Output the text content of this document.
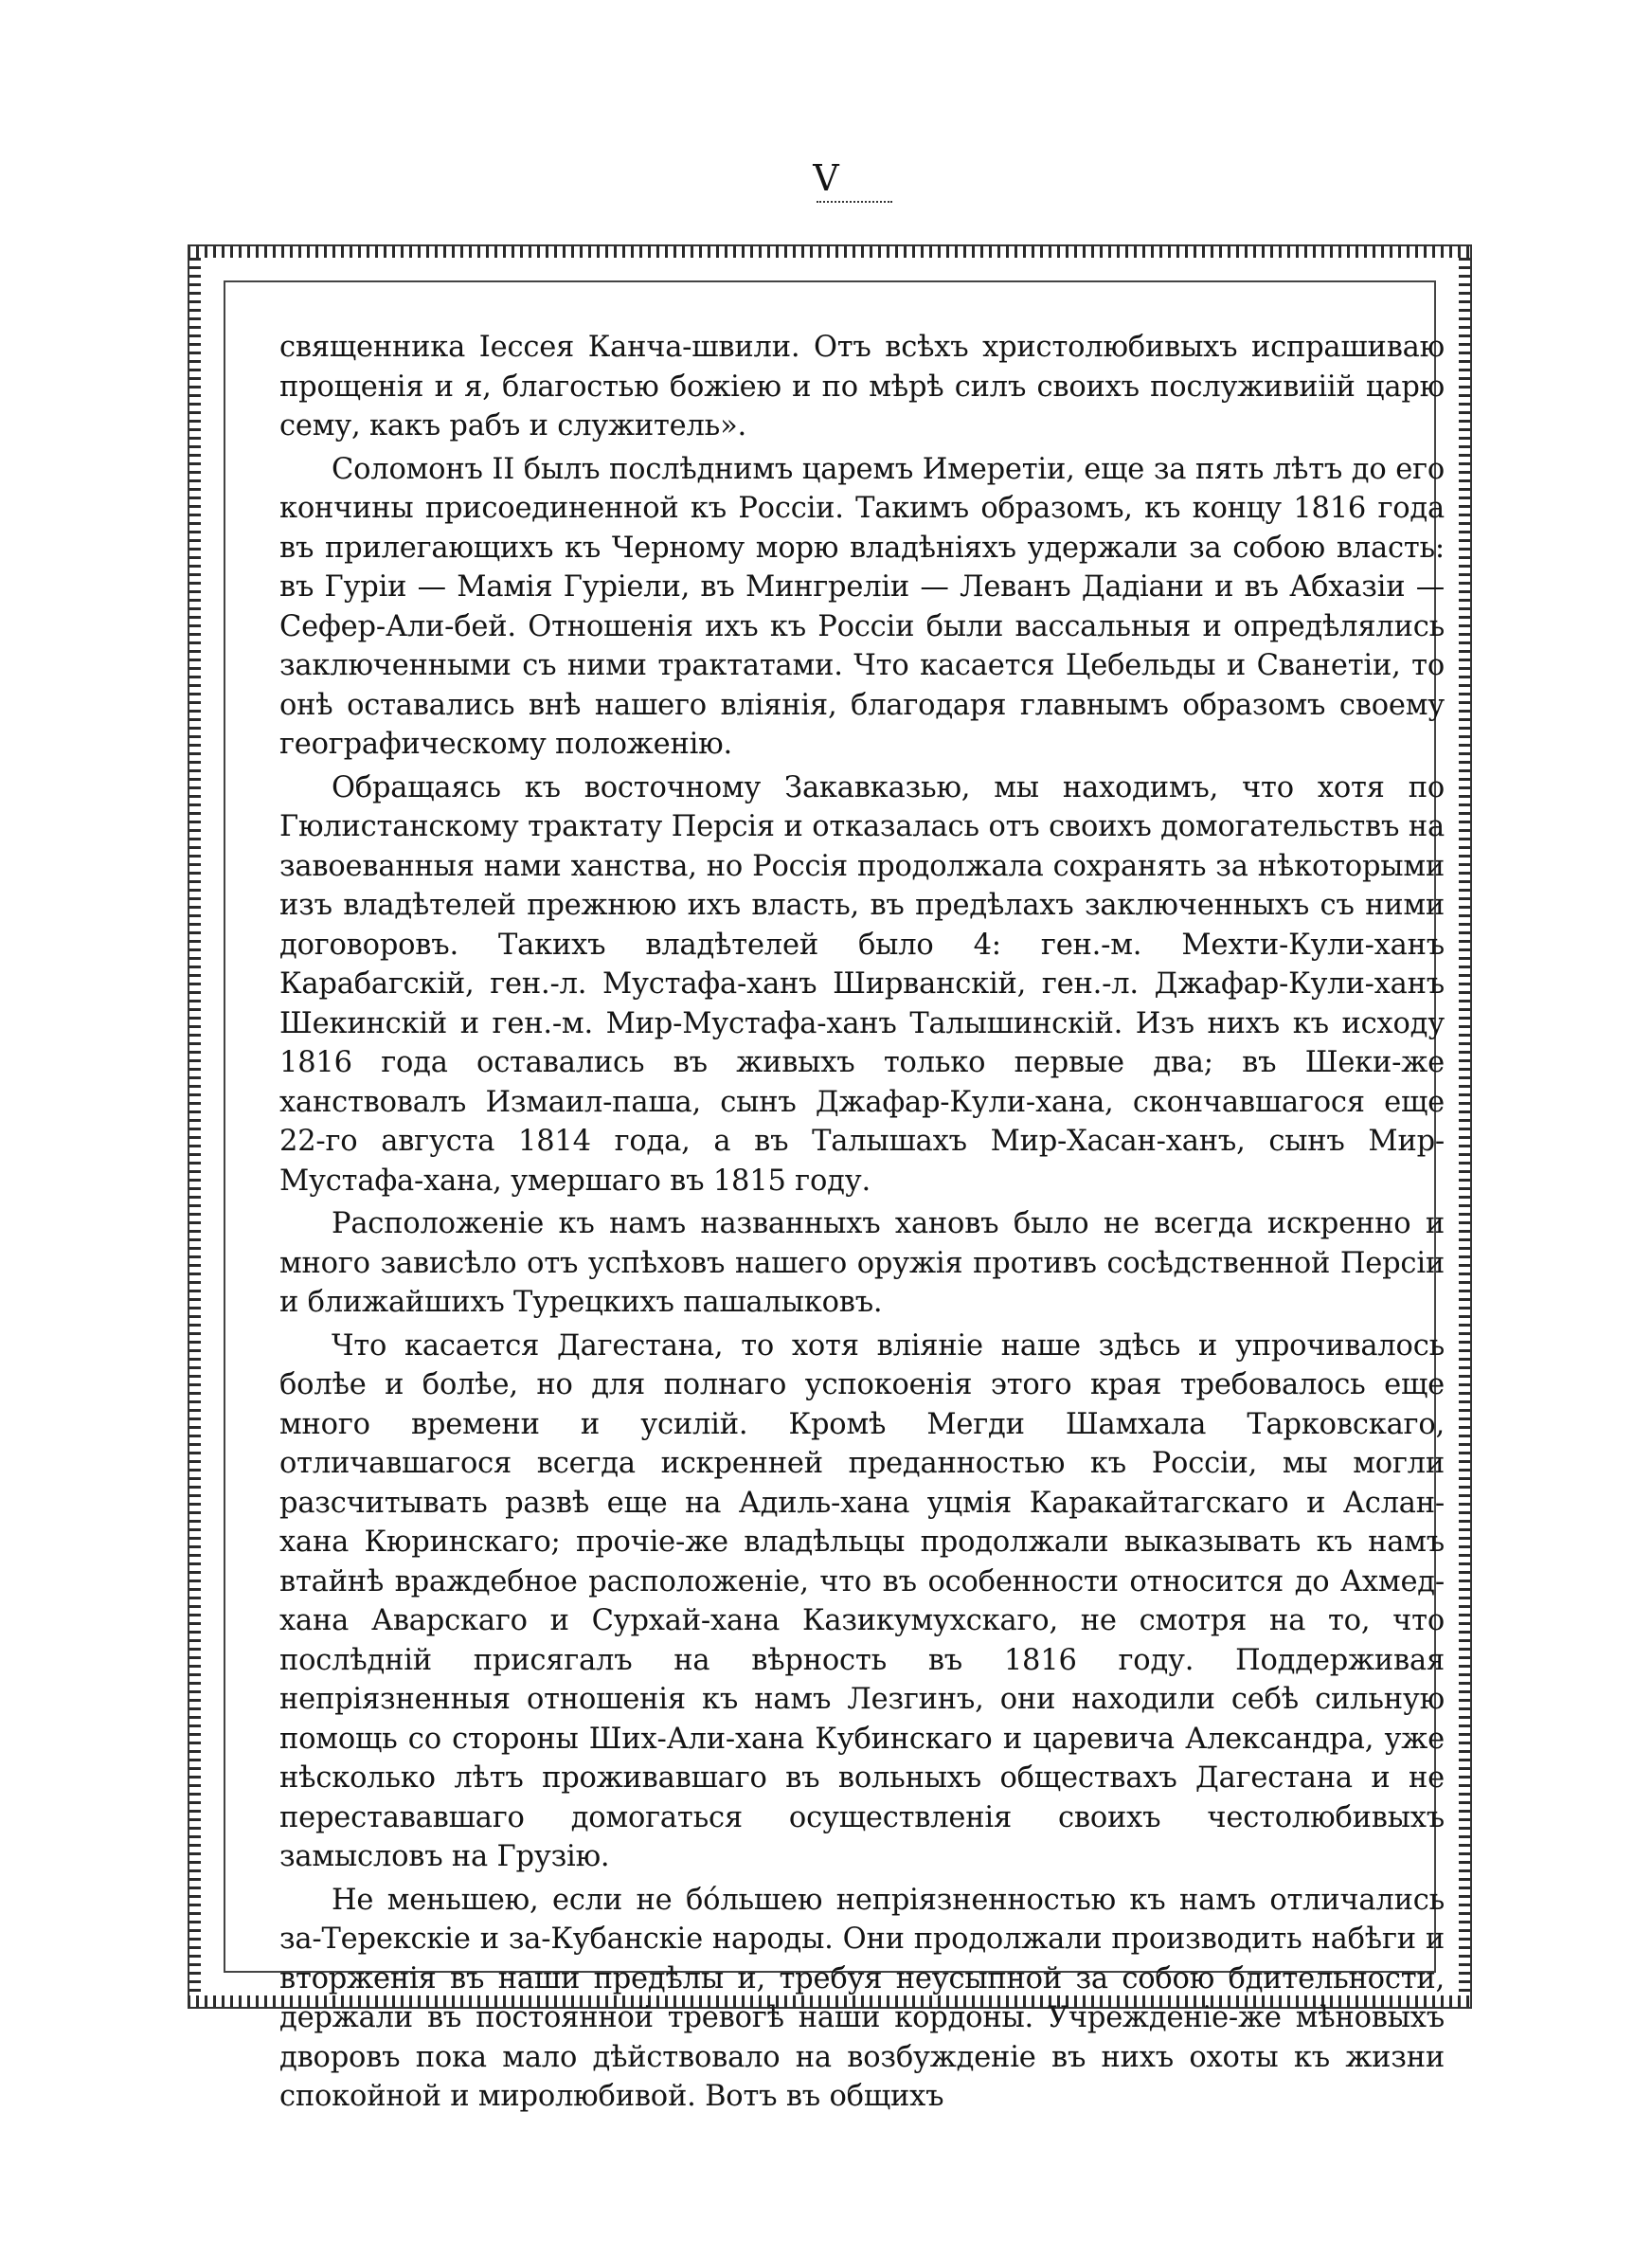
V

священника Іессея Канча-швили. Отъ всѣхъ христолюбивыхъ испрашиваю прощенія и я, благостью божіею и по мѣрѣ силъ своихъ послуживиіій царю сему, какъ рабъ и служитель».

Соломонъ II былъ послѣднимъ царемъ Имеретіи, еще за пять лѣтъ до его кончины присоединенной къ Россіи. Такимъ образомъ, къ концу 1816 года въ прилегающихъ къ Черному морю владѣніяхъ удержали за собою власть: въ Гуріи — Мамія Гуріели, въ Мингреліи — Леванъ Дадіани и въ Абхазіи — Сефер-Али-бей. Отношенія ихъ къ Россіи были вассальныя и опредѣлялись заключенными съ ними трактатами. Что касается Цебельды и Сванетіи, то онѣ оставались внѣ нашего вліянія, благодаря главнымъ образомъ своему географическому положенію.

Обращаясь къ восточному Закавказью, мы находимъ, что хотя по Гюлистанскому трактату Персія и отказалась отъ своихъ домогательствъ на завоеванныя нами ханства, но Россія продолжала сохранять за нѣкоторыми изъ владѣтелей прежнюю ихъ власть, въ предѣлахъ заключенныхъ съ ними договоровъ. Такихъ владѣтелей было 4: ген.-м. Мехти-Кули-ханъ Карабагскій, ген.-л. Мустафа-ханъ Ширванскій, ген.-л. Джафар-Кули-ханъ Шекинскій и ген.-м. Мир-Мустафа-ханъ Талышинскій. Изъ нихъ къ исходу 1816 года оставались въ живыхъ только первые два; въ Шеки-же ханствовалъ Измаил-паша, сынъ Джафар-Кули-хана, скончавшагося еще 22-го августа 1814 года, а въ Талышахъ Мир-Хасан-ханъ, сынъ Мир-Мустафа-хана, умершаго въ 1815 году.

Расположеніе къ намъ названныхъ хановъ было не всегда искренно и много зависѣло отъ успѣховъ нашего оружія противъ сосѣдственной Персіи и ближайшихъ Турецкихъ пашалыковъ.

Что касается Дагестана, то хотя вліяніе наше здѣсь и упрочивалось болѣе и болѣе, но для полнаго успокоенія этого края требовалось еще много времени и усилій. Кромѣ Мегди Шамхала Тарковскаго, отличавшагося всегда искренней преданностью къ Россіи, мы могли разсчитывать развѣ еще на Адиль-хана уцмія Каракайтагскаго и Аслан-хана Кюринскаго; прочіе-же владѣльцы продолжали выказывать къ намъ втайнѣ враждебное расположеніе, что въ особенности относится до Ахмед-хана Аварскаго и Сурхай-хана Казикумухскаго, не смотря на то, что послѣдній присягалъ на вѣрность въ 1816 году. Поддерживая непріязненныя отношенія къ намъ Лезгинъ, они находили себѣ сильную помощь со стороны Ших-Али-хана Кубинскаго и царевича Александра, уже нѣсколько лѣтъ проживавшаго въ вольныхъ обществахъ Дагестана и не перестававшаго домогаться осуществленія своихъ честолюбивыхъ замысловъ на Грузію.

Не меньшею, если не бо́льшею непріязненностью къ намъ отличались за-Терекскіе и за-Кубанскіе народы. Они продолжали производить набѣги и вторженія въ наши предѣлы и, требуя неусыпной за собою бдительности, держали въ постоянной тревогѣ наши кордоны. Учрежденіе-же мѣновыхъ дворовъ пока мало дѣйствовало на возбужденіе въ нихъ охоты къ жизни спокойной и миролюбивой. Вотъ въ общихъ
